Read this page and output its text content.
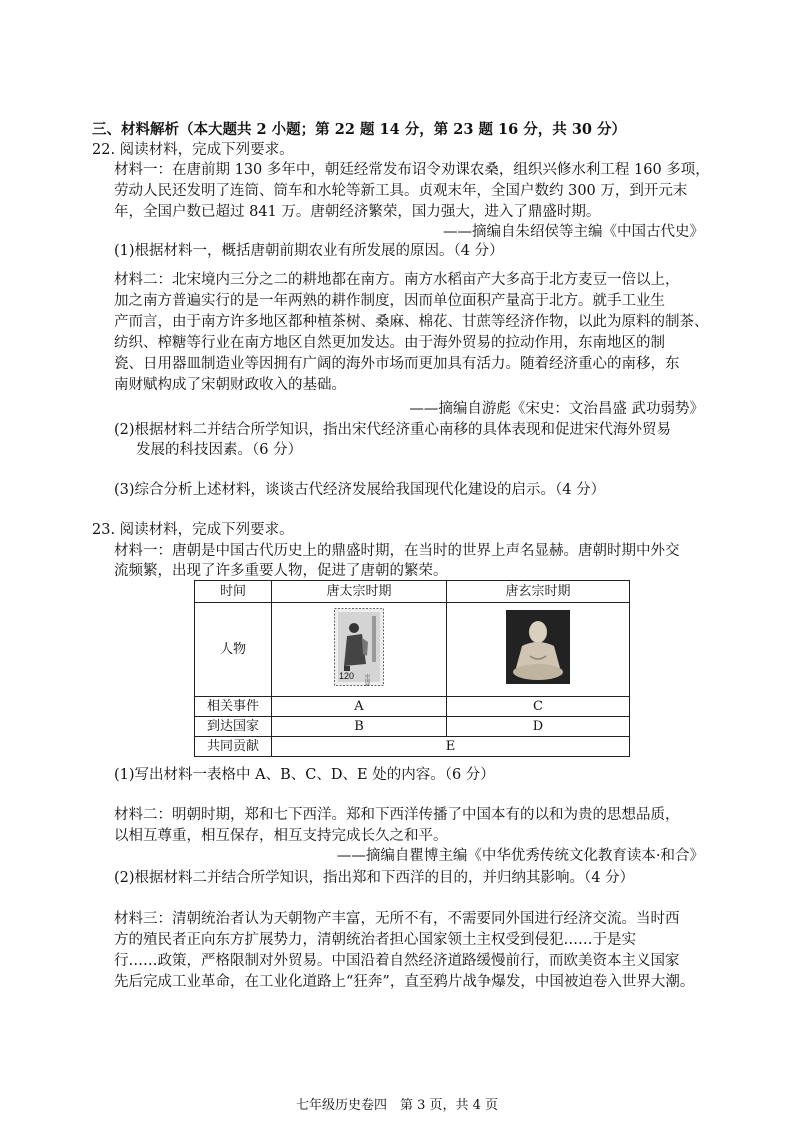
三、材料解析（本大题共 2 小题；第 22 题 14 分，第 23 题 16 分，共 30 分）
22. 阅读材料，完成下列要求。
材料一：在唐前期 130 多年中，朝廷经常发布诏令劝课农桑，组织兴修水利工程 160 多项，
劳动人民还发明了连筒、筒车和水轮等新工具。贞观末年，全国户数约 300 万，到开元末
年，全国户数已超过 841 万。唐朝经济繁荣，国力强大，进入了鼎盛时期。
——摘编自朱绍侯等主编《中国古代史》
(1)根据材料一，概括唐朝前期农业有所发展的原因。（4 分）
材料二：北宋境内三分之二的耕地都在南方。南方水稻亩产大多高于北方麦豆一倍以上，
加之南方普遍实行的是一年两熟的耕作制度，因而单位面积产量高于北方。就手工业生
产而言，由于南方许多地区都种植茶树、桑麻、棉花、甘蔗等经济作物，以此为原料的制茶、
纺织、榨糖等行业在南方地区自然更加发达。由于海外贸易的拉动作用，东南地区的制
瓷、日用器皿制造业等因拥有广阔的海外市场而更加具有活力。随着经济重心的南移，东
南财赋构成了宋朝财政收入的基础。
——摘编自游彪《宋史：文治昌盛 武功弱势》
(2)根据材料二并结合所学知识，指出宋代经济重心南移的具体表现和促进宋代海外贸易
发展的科技因素。（6 分）
(3)综合分析上述材料，谈谈古代经济发展给我国现代化建设的启示。（4 分）
23. 阅读材料，完成下列要求。
材料一：唐朝是中国古代历史上的鼎盛时期，在当时的世界上声名显赫。唐朝时期中外交
流频繁，出现了许多重要人物，促进了唐朝的繁荣。
时间	唐太宗时期	唐玄宗时期
人物	120 中国邮政

相关事件	A	C
到达国家	B	D
共同贡献	E	
(1)写出材料一表格中 A、B、C、D、E 处的内容。（6 分）
材料二：明朝时期，郑和七下西洋。郑和下西洋传播了中国本有的以和为贵的思想品质，
以相互尊重，相互保存，相互支持完成长久之和平。
——摘编自瞿博主编《中华优秀传统文化教育读本·和合》
(2)根据材料二并结合所学知识，指出郑和下西洋的目的，并归纳其影响。（4 分）
材料三：清朝统治者认为天朝物产丰富，无所不有，不需要同外国进行经济交流。当时西
方的殖民者正向东方扩展势力，清朝统治者担心国家领土主权受到侵犯……于是实
行……政策，严格限制对外贸易。中国沿着自然经济道路缓慢前行，而欧美资本主义国家
先后完成工业革命，在工业化道路上“狂奔”，直至鸦片战争爆发，中国被迫卷入世界大潮。
七年级历史卷四　第 3 页，共 4 页
